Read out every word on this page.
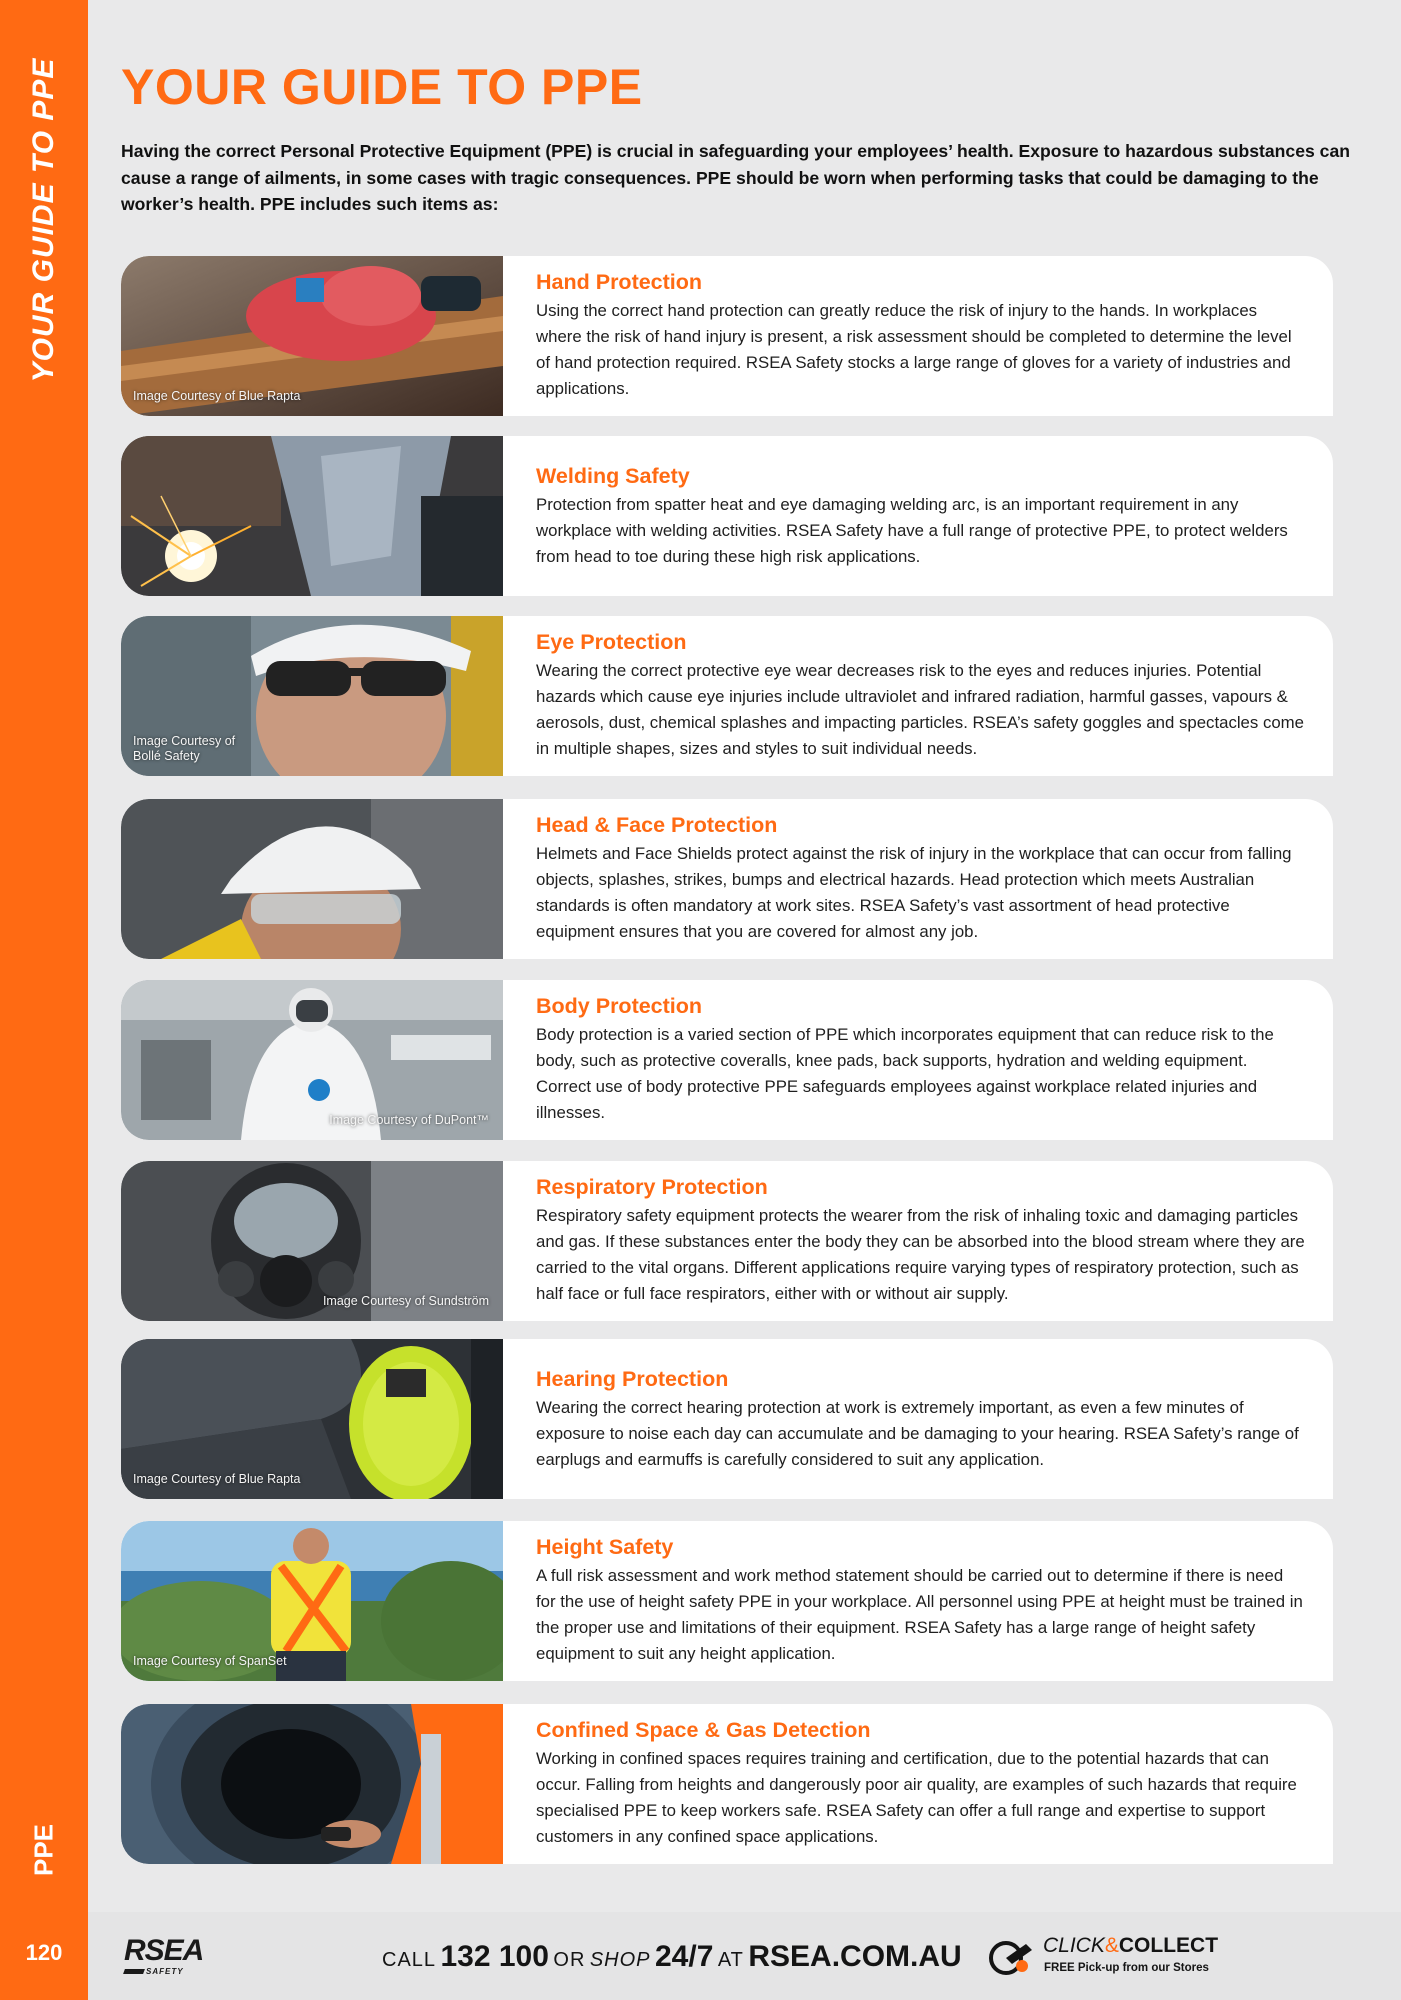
YOUR GUIDE TO PPE
PPE
120
YOUR GUIDE TO PPE

Having the correct Personal Protective Equipment (PPE) is crucial in safeguarding your employees’ health. Exposure to hazardous substances can cause a range of ailments, in some cases with tragic consequences. PPE should be worn when performing tasks that could be damaging to the worker’s health. PPE includes such items as:

Image Courtesy of Blue Rapta
Hand Protection

Using the correct hand protection can greatly reduce the risk of injury to the hands. In workplaces where the risk of hand injury is present, a risk assessment should be completed to determine the level of hand protection required. RSEA Safety stocks a large range of gloves for a variety of industries and applications.

Welding Safety

Protection from spatter heat and eye damaging welding arc, is an important requirement in any workplace with welding activities. RSEA Safety have a full range of protective PPE, to protect welders from head to toe during these high risk applications.

Image Courtesy of Bollé Safety
Eye Protection

Wearing the correct protective eye wear decreases risk to the eyes and reduces injuries. Potential hazards which cause eye injuries include ultraviolet and infrared radiation, harmful gasses, vapours & aerosols, dust, chemical splashes and impacting particles. RSEA’s safety goggles and spectacles come in multiple shapes, sizes and styles to suit individual needs.

Head & Face Protection

Helmets and Face Shields protect against the risk of injury in the workplace that can occur from falling objects, splashes, strikes, bumps and electrical hazards. Head protection which meets Australian standards is often mandatory at work sites. RSEA Safety’s vast assortment of head protective equipment ensures that you are covered for almost any job.

Image Courtesy of DuPont™
Body Protection

Body protection is a varied section of PPE which incorporates equipment that can reduce risk to the body, such as protective coveralls, knee pads, back supports, hydration and welding equipment. Correct use of body protective PPE safeguards employees against workplace related injuries and illnesses.

Image Courtesy of Sundström
Respiratory Protection

Respiratory safety equipment protects the wearer from the risk of inhaling toxic and damaging particles and gas. If these substances enter the body they can be absorbed into the blood stream where they are carried to the vital organs. Different applications require varying types of respiratory protection, such as half face or full face respirators, either with or without air supply.

Image Courtesy of Blue Rapta
Hearing Protection

Wearing the correct hearing protection at work is extremely important, as even a few minutes of exposure to noise each day can accumulate and be damaging to your hearing. RSEA Safety’s range of earplugs and earmuffs is carefully considered to suit any application.

Image Courtesy of SpanSet
Height Safety

A full risk assessment and work method statement should be carried out to determine if there is need for the use of height safety PPE in your workplace. All personnel using PPE at height must be trained in the proper use and limitations of their equipment. RSEA Safety has a large range of height safety equipment to suit any height application.

Confined Space & Gas Detection

Working in confined spaces requires training and certification, due to the potential hazards that can occur. Falling from heights and dangerously poor air quality, are examples of such hazards that require specialised PPE to keep workers safe. RSEA Safety can offer a full range and expertise to support customers in any confined space applications.

RSEA
SAFETY
CALL 132 100 OR SHOP 24/7 AT RSEA.COM.AU	CLICK&COLLECT
FREE Pick-up from our Stores
